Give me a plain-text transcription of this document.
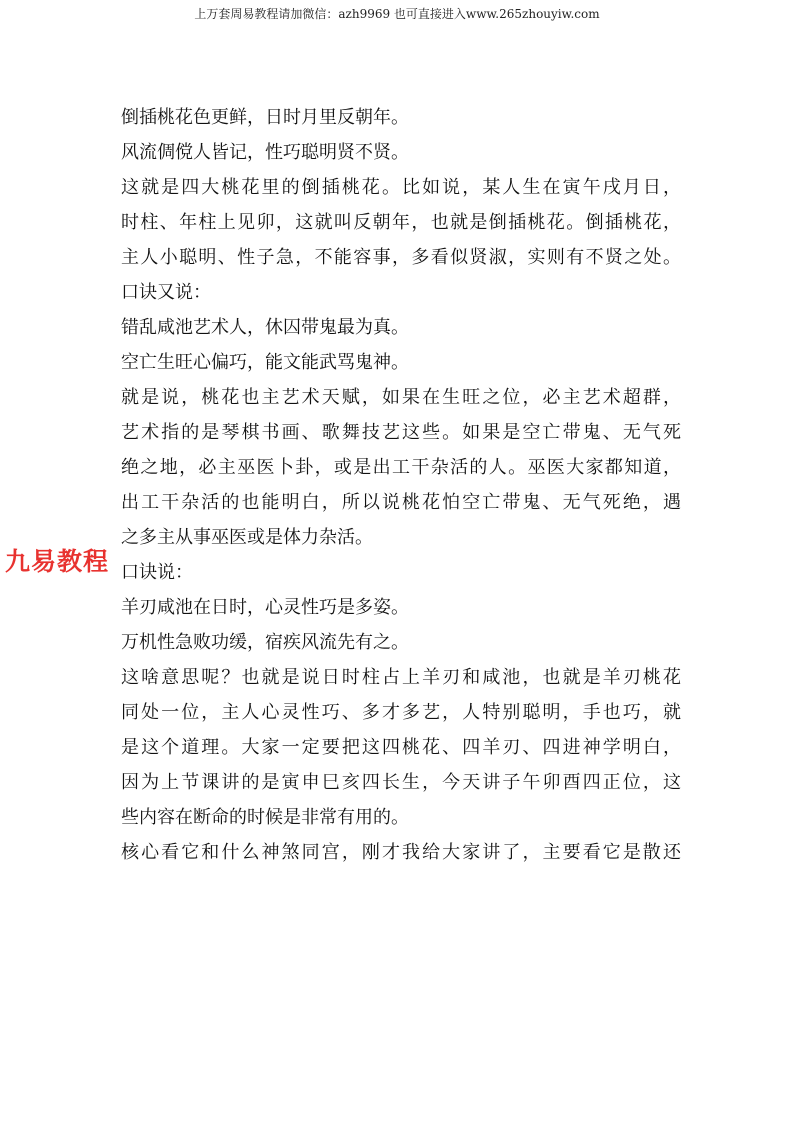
上万套周易教程请加微信：azh9969 也可直接进入www.265zhouyiw.com
倒插桃花色更鲜，日时月里反朝年。
风流倜傥人皆记，性巧聪明贤不贤。
这就是四大桃花里的倒插桃花。比如说，某人生在寅午戌月日，
时柱、年柱上见卯，这就叫反朝年，也就是倒插桃花。倒插桃花，
主人小聪明、性子急，不能容事，多看似贤淑，实则有不贤之处。
口诀又说：
错乱咸池艺术人，休囚带鬼最为真。
空亡生旺心偏巧，能文能武骂鬼神。
就是说，桃花也主艺术天赋，如果在生旺之位，必主艺术超群，
艺术指的是琴棋书画、歌舞技艺这些。如果是空亡带鬼、无气死
绝之地，必主巫医卜卦，或是出工干杂活的人。巫医大家都知道，
出工干杂活的也能明白，所以说桃花怕空亡带鬼、无气死绝，遇
之多主从事巫医或是体力杂活。
口诀说：
羊刃咸池在日时，心灵性巧是多姿。
万机性急败功缓，宿疾风流先有之。
这啥意思呢？也就是说日时柱占上羊刃和咸池，也就是羊刃桃花
同处一位，主人心灵性巧、多才多艺，人特别聪明，手也巧，就
是这个道理。大家一定要把这四桃花、四羊刃、四进神学明白，
因为上节课讲的是寅申巳亥四长生，今天讲子午卯酉四正位，这
些内容在断命的时候是非常有用的。
核心看它和什么神煞同宫，刚才我给大家讲了，主要看它是散还
九易教程
